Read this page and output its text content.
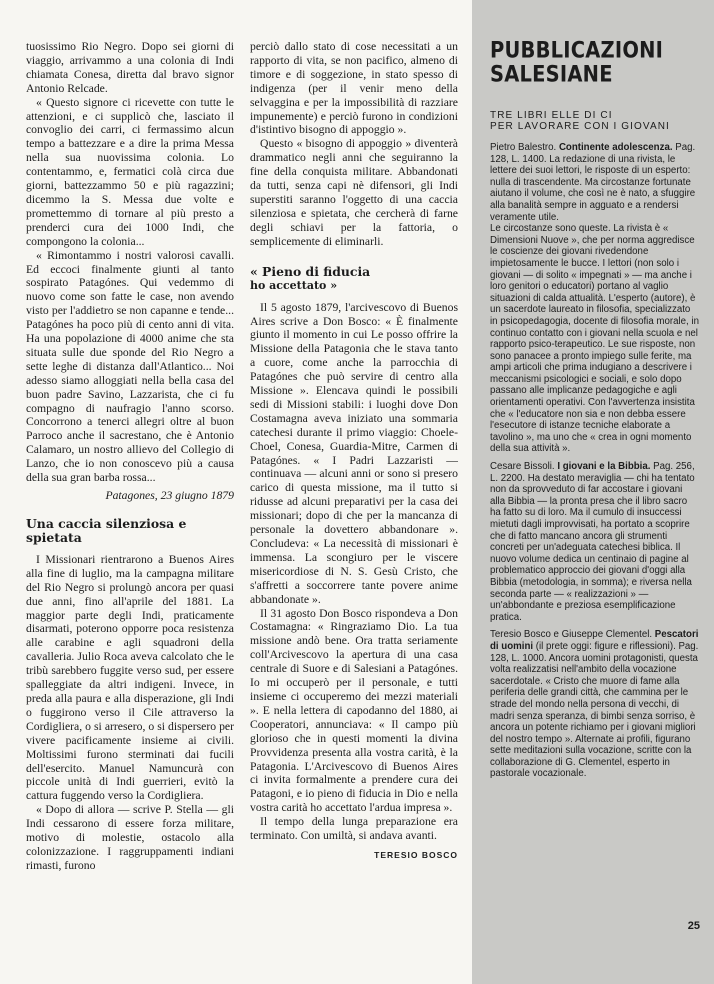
tuosissimo Rio Negro. Dopo sei giorni di viaggio, arrivammo a una colonia di Indi chiamata Conesa, diretta dal bravo signor Antonio Relcade.

« Questo signore ci ricevette con tutte le attenzioni, e ci supplicò che, lasciato il convoglio dei carri, ci fermassimo alcun tempo a battezzare e a dire la prima Messa nella sua nuovissima colonia. Lo contentammo, e, fermatici colà circa due giorni, battezzammo 50 e più ragazzini; dicemmo la S. Messa due volte e promettemmo di tornare al più presto a prenderci cura dei 1000 Indi, che compongono la colonia...

« Rimontammo i nostri valorosi cavalli. Ed eccoci finalmente giunti al tanto sospirato Patagónes. Qui vedemmo di nuovo come son fatte le case, non avendo visto per l'addietro se non capanne e tende... Patagónes ha poco più di cento anni di vita. Ha una popolazione di 4000 anime che sta situata sulle due sponde del Rio Negro a sette leghe di distanza dall'Atlantico... Noi adesso siamo alloggiati nella bella casa del buon padre Savino, Lazzarista, che ci fu compagno di naufragio l'anno scorso. Concorrono a tenerci allegri oltre al buon Parroco anche il sacrestano, che è Antonio Calamaro, un nostro allievo del Collegio di Lanzo, che io non conoscevo più a causa della sua gran barba rossa...

Patagones, 23 giugno 1879
Una caccia silenziosa e spietata

I Missionari rientrarono a Buenos Aires alla fine di luglio, ma la campagna militare del Rio Negro si prolungò ancora per quasi due anni, fino all'aprile del 1881. La maggior parte degli Indi, praticamente disarmati, poterono opporre poca resistenza alle carabine e agli squadroni della cavalleria. Julio Roca aveva calcolato che le tribù sarebbero fuggite verso sud, per essere spalleggiate da altri indigeni. Invece, in preda alla paura e alla disperazione, gli Indi o fuggirono verso il Cile attraverso la Cordigliera, o si arresero, o si dispersero per vivere pacificamente insieme ai civili. Moltissimi furono sterminati dai fucili dell'esercito. Manuel Namuncurà con piccole unità di Indi guerrieri, evitò la cattura fuggendo verso la Cordigliera.

« Dopo di allora — scrive P. Stella — gli Indi cessarono di essere forza militare, motivo di molestie, ostacolo alla colonizzazione. I raggruppamenti indiani rimasti, furono

perciò dallo stato di cose necessitati a un rapporto di vita, se non pacifico, almeno di timore e di soggezione, in stato spesso di indigenza (per il venir meno della selvaggina e per la impossibilità di razziare impunemente) e perciò furono in condizioni d'istintivo bisogno di appoggio ».

Questo « bisogno di appoggio » diventerà drammatico negli anni che seguiranno la fine della conquista militare. Abbandonati da tutti, senza capi nè difensori, gli Indi superstiti saranno l'oggetto di una caccia silenziosa e spietata, che cercherà di farne degli schiavi per la fattoria, o semplicemente di eliminarli.

« Pieno di fiducia
ho accettato »

Il 5 agosto 1879, l'arcivescovo di Buenos Aires scrive a Don Bosco: « È finalmente giunto il momento in cui Le posso offrire la Missione della Patagonia che le stava tanto a cuore, come anche la parrocchia di Patagónes che può servire di centro alla Missione ». Elencava quindi le possibili sedi di Missioni stabili: i luoghi dove Don Costamagna aveva iniziato una sommaria catechesi durante il primo viaggio: Choele-Choel, Conesa, Guardia-Mitre, Carmen di Patagónes. « I Padri Lazzaristi — continuava — alcuni anni or sono si presero carico di questa missione, ma il tutto si ridusse ad alcuni preparativi per la casa dei missionari; dopo di che per la mancanza di personale la dovettero abbandonare ». Concludeva: « La necessità di missionari è immensa. La scongiuro per le viscere misericordiose di N. S. Gesù Cristo, che s'affretti a soccorrere tante povere anime abbandonate ».

Il 31 agosto Don Bosco rispondeva a Don Costamagna: « Ringraziamo Dio. La tua missione andò bene. Ora tratta seriamente coll'Arcivescovo la apertura di una casa centrale di Suore e di Salesiani a Patagónes. Io mi occuperò per il personale, e tutti insieme ci occuperemo dei mezzi materiali ». E nella lettera di capodanno del 1880, ai Cooperatori, annunciava: « Il campo più glorioso che in questi momenti la divina Provvidenza presenta alla vostra carità, è la Patagonia. L'Arcivescovo di Buenos Aires ci invita formalmente a prendere cura dei Patagoni, e io pieno di fiducia in Dio e nella vostra carità ho accettato l'ardua impresa ».

Il tempo della lunga preparazione era terminato. Con umiltà, si andava avanti.

TERESIO BOSCO
PUBBLICAZIONI
SALESIANE
TRE LIBRI ELLE DI CI
PER LAVORARE CON I GIOVANI

Pietro Balestro. Continente adolescenza. Pag. 128, L. 1400. La redazione di una rivista, le lettere dei suoi lettori, le risposte di un esperto: nulla di trascendente. Ma circostanze fortunate aiutano il volume, che così ne è nato, a sfuggire alla banalità sempre in agguato e a rendersi veramente utile.

Le circostanze sono queste. La rivista è « Dimensioni Nuove », che per norma aggredisce le coscienze dei giovani rivedendone impietosamente le bucce. I lettori (non solo i giovani — di solito « impegnati » — ma anche i loro genitori o educatori) portano al vaglio situazioni di calda attualità. L'esperto (autore), è un sacerdote laureato in filosofia, specializzato in psicopedagogia, docente di filosofia morale, in continuo contatto con i giovani nella scuola e nel rapporto psico-terapeutico. Le sue risposte, non sono panacee a pronto impiego sulle ferite, ma ampi articoli che prima indugiano a descrivere i meccanismi psicologici e sociali, e solo dopo passano alle implicanze pedagogiche e agli orientamenti operativi. Con l'avvertenza insistita che « l'educatore non sia e non debba essere l'esecutore di istanze tecniche elaborate a tavolino », ma uno che « crea in ogni momento della sua attività ».

Cesare Bissoli. I giovani e la Bibbia. Pag. 256, L. 2200. Ha destato meraviglia — chi ha tentato non da sprovveduto di far accostare i giovani alla Bibbia — la pronta presa che il libro sacro ha fatto su di loro. Ma il cumulo di insuccessi mietuti dagli improvvisati, ha portato a scoprire che di fatto mancano ancora gli strumenti concreti per un'adeguata catechesi biblica. Il nuovo volume dedica un centinaio di pagine al problematico approccio dei giovani d'oggi alla Bibbia (metodologia, in somma); e riversa nella seconda parte — « realizzazioni » — un'abbondante e preziosa esemplificazione pratica.

Teresio Bosco e Giuseppe Clementel. Pescatori di uomini (il prete oggi: figure e riflessioni). Pag. 128, L. 1000. Ancora uomini protagonisti, questa volta realizzatisi nell'ambito della vocazione sacerdotale. « Cristo che muore di fame alla periferia delle grandi città, che cammina per le strade del mondo nella persona di vecchi, di madri senza speranza, di bimbi senza sorriso, è ancora un potente richiamo per i giovani migliori del nostro tempo ». Alternate ai profili, figurano sette meditazioni sulla vocazione, scritte con la collaborazione di G. Clementel, esperto in pastorale vocazionale.

25
